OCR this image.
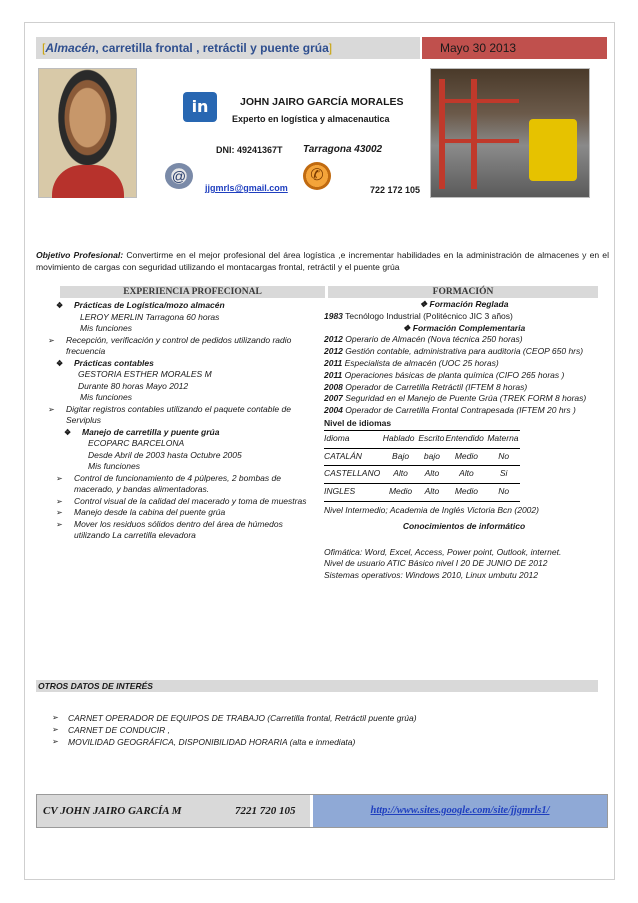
[Almacén, carretilla frontal , retráctil y puente grúa]	Mayo 30 2013
in	JOHN JAIRO GARCÍA MORALES
Experto en logística y almacenautica
DNI: 49241367T Tarragona 43002
@
jjgmrls@gmail.com
✆
722 172 105
Objetivo Profesional: Convertirme en el mejor profesional del área logística ,e incrementar habilidades en la administración de almacenes y en el movimiento de cargas con seguridad utilizando el montacargas frontal, retráctil y el puente grúa
EXPERIENCIA PROFECIONAL	FORMACIÓN
❖ Prácticas de Logística/mozo almacén
LEROY MERLIN Tarragona 60 horas
Mis funciones
➢ Recepción, verificación y control de pedidos utilizando radio frecuencia
❖ Prácticas contables
GESTORIA ESTHER MORALES M
Durante 80 horas Mayo 2012
Mis funciones
➢ Digitar registros contables utilizando el paquete contable de Serviplus
❖ Manejo de carretilla y puente grúa
ECOPARC BARCELONA
Desde Abril de 2003 hasta Octubre 2005
Mis funciones
➢ Control de funcionamiento de 4 púlperes, 2 bombas de macerado, y bandas alimentadoras.
➢ Control visual de la calidad del macerado y toma de muestras
➢ Manejo desde la cabina del puente grúa
➢ Mover los residuos sólidos dentro del área de húmedos utilizando La carretilla elevadora
❖ Formación Reglada
1983 Tecnólogo Industrial (Politécnico JIC 3 años)
❖ Formación Complementaria
2012 Operario de Almacén (Nova técnica 250 horas)
2012 Gestión contable, administrativa para auditoria (CEOP 650 hrs)
2011 Especialista de almacén (UOC 25 horas)
2011 Operaciones básicas de planta química (CIFO 265 horas )
2008 Operador de Carretilla Retráctil (IFTEM 8 horas)
2007 Seguridad en el Manejo de Puente Grúa (TREK FORM 8 horas)
2004 Operador de Carretilla Frontal Contrapesada (IFTEM 20 hrs )
Nivel de idiomas
Idioma	Hablado	Escrito	Entendido	Materna
CATALÁN	Bajo	bajo	Medio	No
CASTELLANO	Alto	Alto	Alto	Si
INGLES	Medio	Alto	Medio	No
Nivel Intermedio; Academia de Inglés Victoria Bcn (2002)
Conocimientos de informático
Ofimática: Word, Excel, Access, Power point, Outlook, internet.
Nivel de usuario ATIC Básico nivel I 20 DE JUNIO DE 2012
Sistemas operativos: Windows 2010, Linux umbutu 2012
OTROS DATOS DE INTERÉS
➢ CARNET OPERADOR DE EQUIPOS DE TRABAJO (Carretilla frontal, Retráctil puente grúa)
➢ CARNET DE CONDUCIR ,
➢ MOVILIDAD GEOGRÁFICA, DISPONIBILIDAD HORARIA (alta e inmediata)
CV JOHN JAIRO GARCÍA M	7221 720 105	http://www.sites.google.com/site/jjgmrls1/
